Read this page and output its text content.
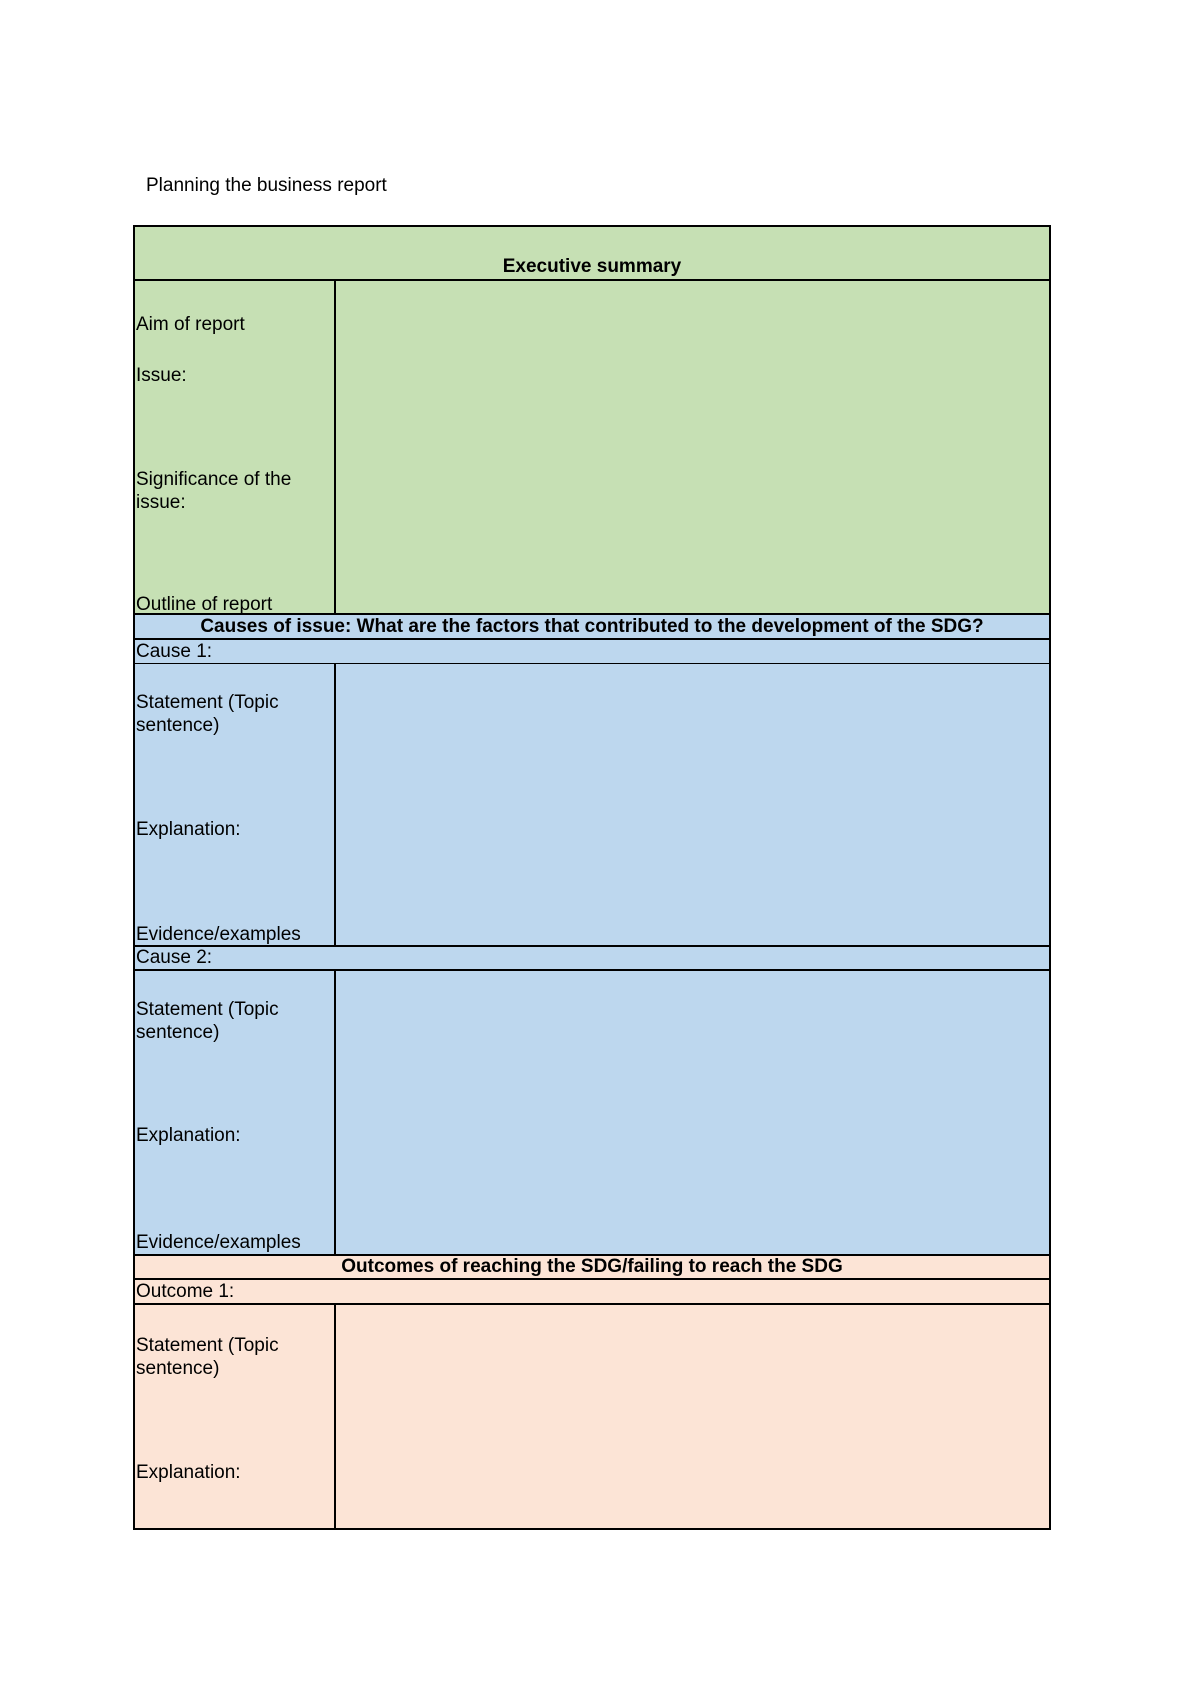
Planning the business report
Executive summary
Aim of report
Issue:
Significance of the issue:
Outline of report
Causes of issue: What are the factors that contributed to the development of the SDG?
Cause 1:
Statement (Topic sentence)
Explanation:
Evidence/examples
Cause 2:
Statement (Topic sentence)
Explanation:
Evidence/examples
Outcomes of reaching the SDG/failing to reach the SDG
Outcome 1:
Statement (Topic sentence)
Explanation:
